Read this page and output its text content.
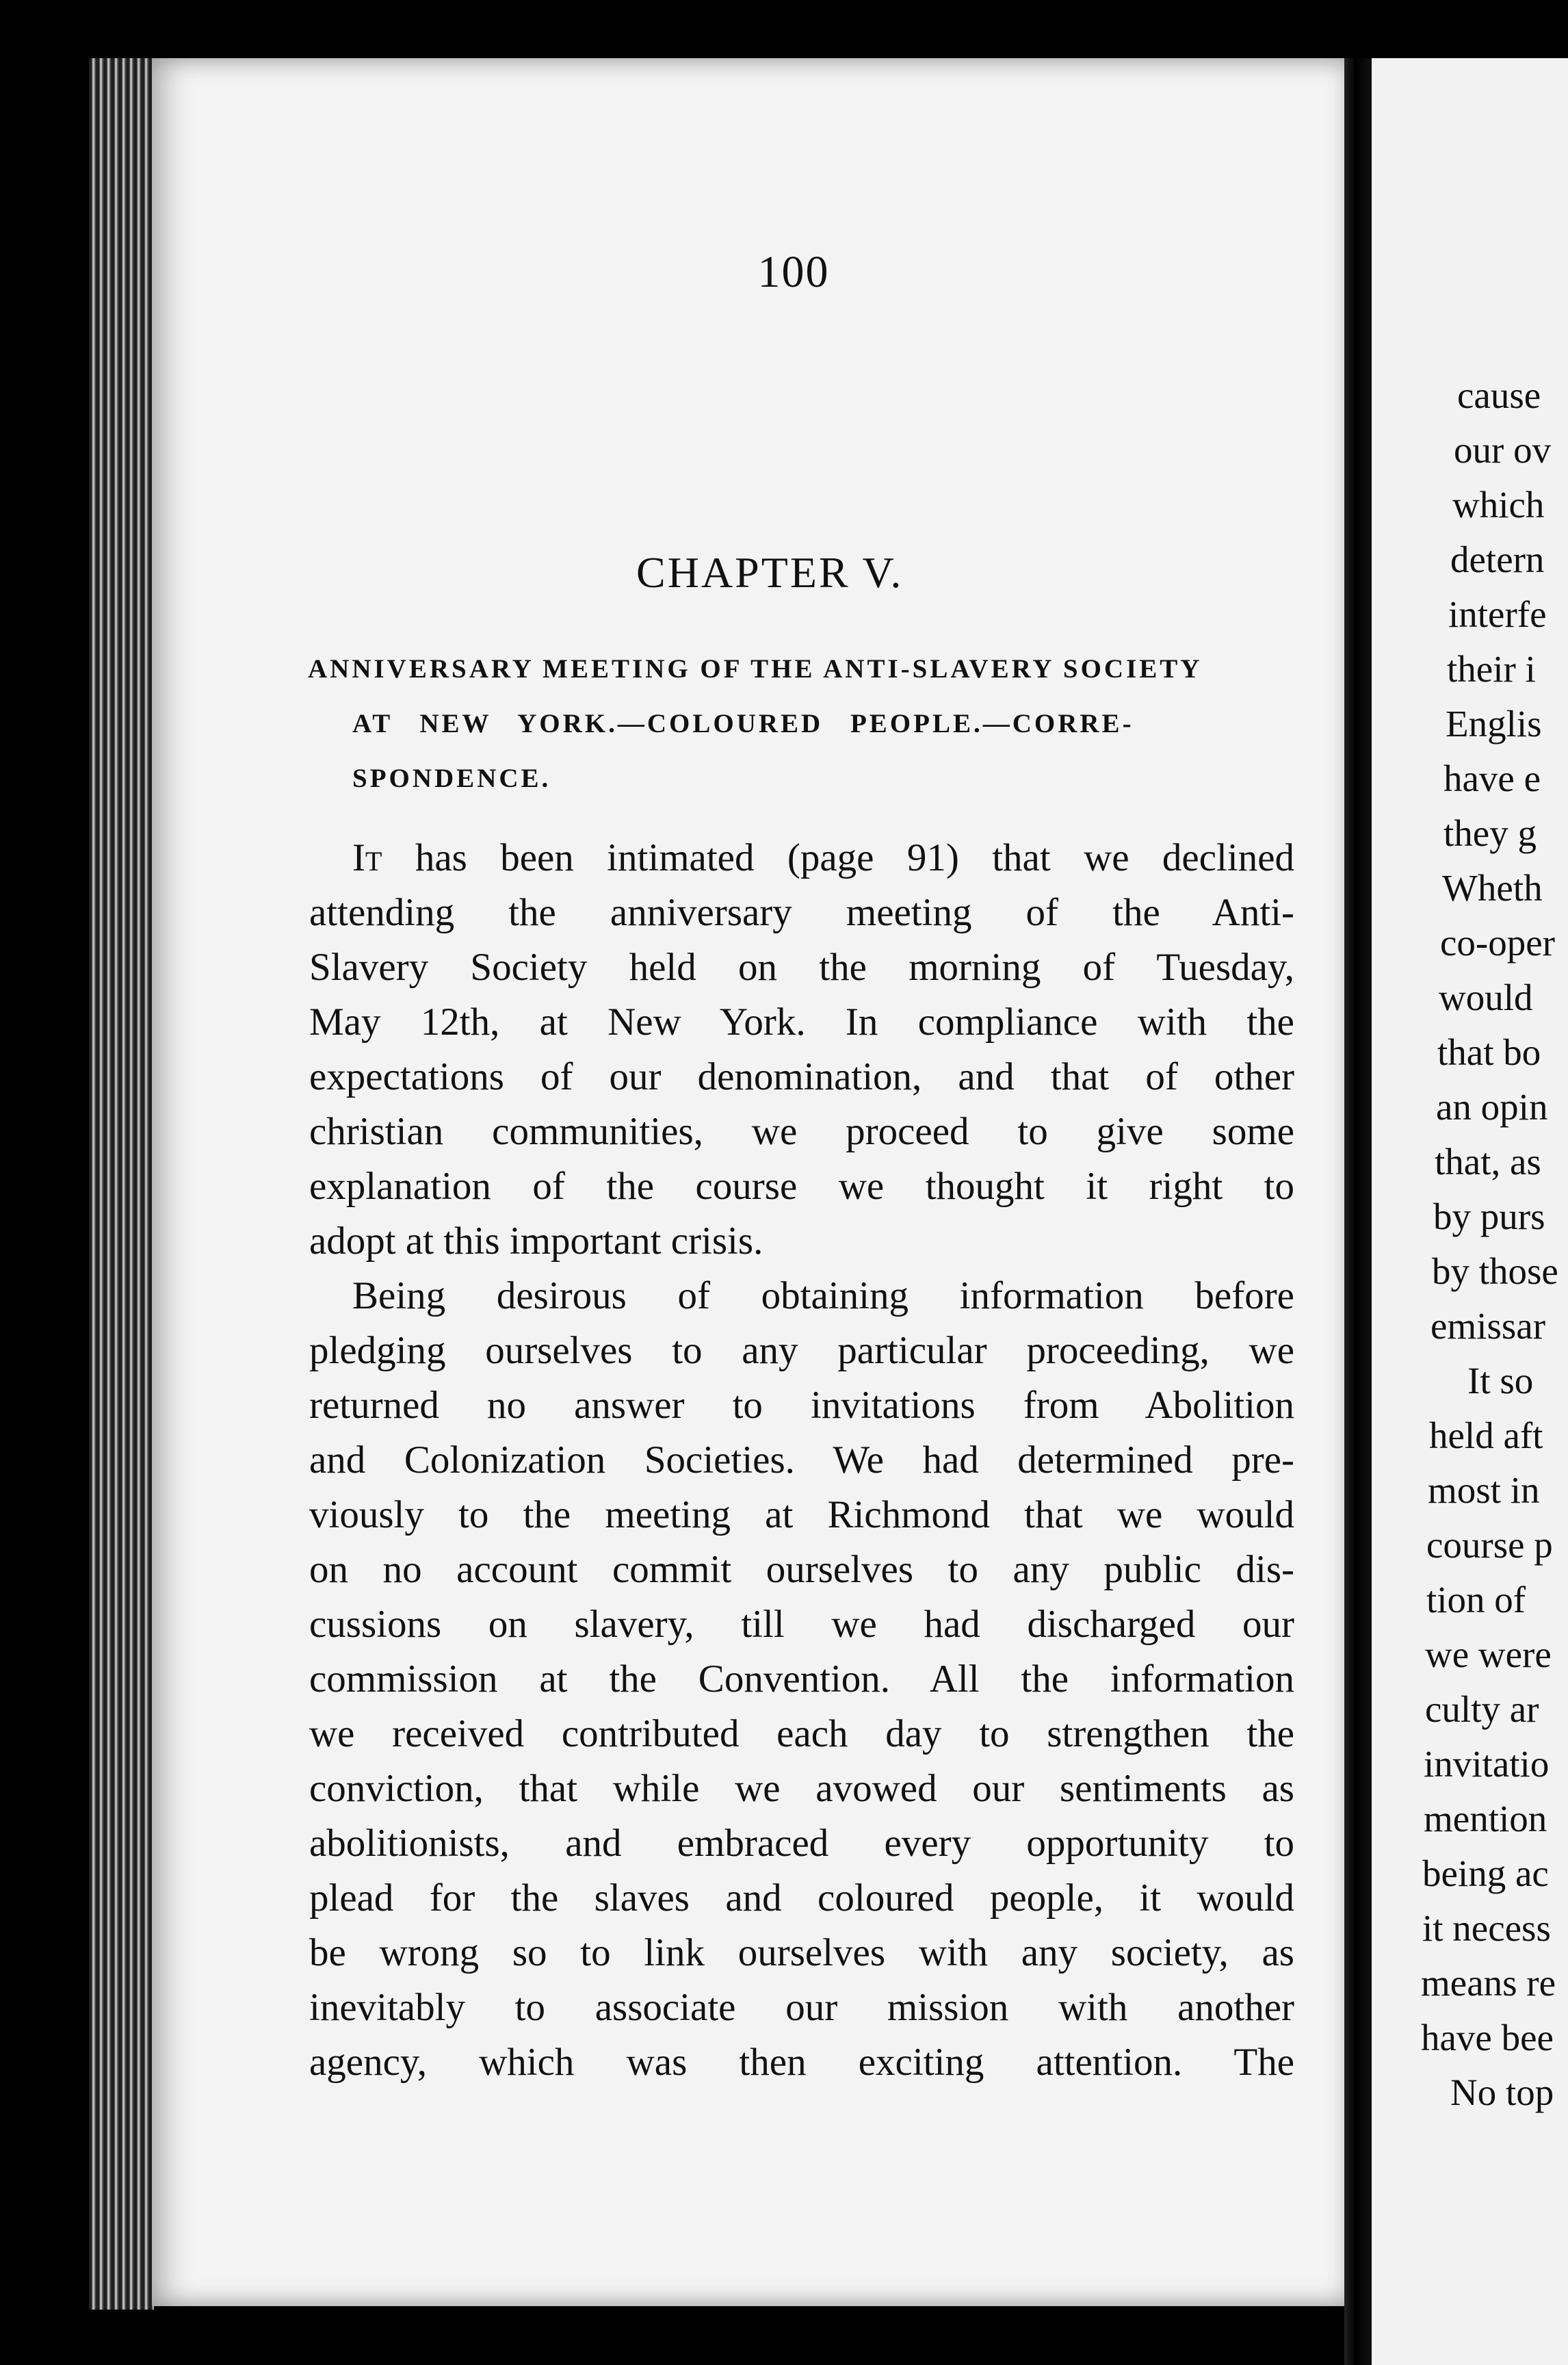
100
CHAPTER V.
ANNIVERSARY MEETING OF THE ANTI-SLAVERY SOCIETY
AT NEW YORK.—COLOURED PEOPLE.—CORRE-
SPONDENCE.
It has been intimated (page 91) that we declined
attending the anniversary meeting of the Anti-
Slavery Society held on the morning of Tuesday,
May 12th, at New York. In compliance with the
expectations of our denomination, and that of other
christian communities, we proceed to give some
explanation of the course we thought it right to
adopt at this important crisis.
Being desirous of obtaining information before
pledging ourselves to any particular proceeding, we
returned no answer to invitations from Abolition
and Colonization Societies. We had determined pre-
viously to the meeting at Richmond that we would
on no account commit ourselves to any public dis-
cussions on slavery, till we had discharged our
commission at the Convention. All the information
we received contributed each day to strengthen the
conviction, that while we avowed our sentiments as
abolitionists, and embraced every opportunity to
plead for the slaves and coloured people, it would
be wrong so to link ourselves with any society, as
inevitably to associate our mission with another
agency, which was then exciting attention. The
cause
our ov
which
detern
interfe
their i
Englis
have e
they g
Wheth
co-oper
would
that bo
an opin
that, as
by purs
by those
emissar
It so
held aft
most in
course p
tion of
we were
culty ar
invitatio
mention
being ac
it necess
means re
have bee
No top
